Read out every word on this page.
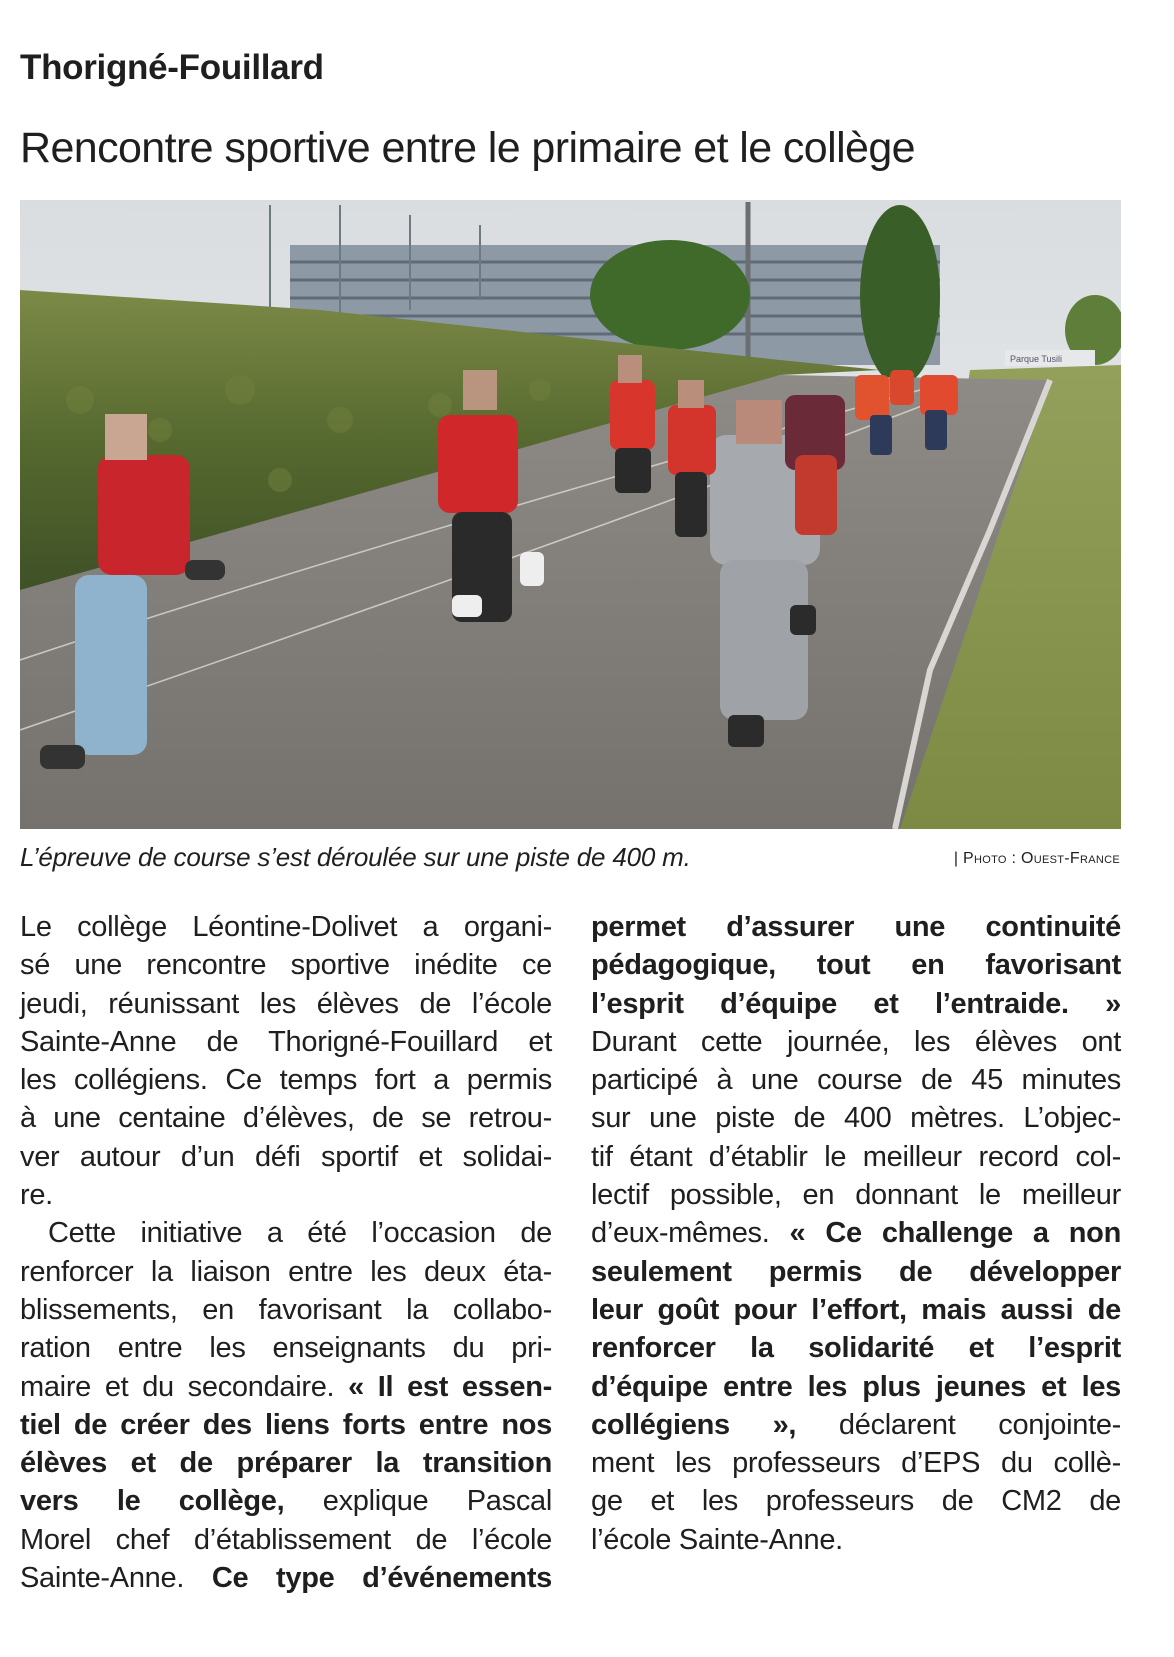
Thorigné-Fouillard
Rencontre sportive entre le primaire et le collège
Parque Tusili
L’épreuve de course s’est déroulée sur une piste de 400 m.	| Photo : Ouest-France

Le collège Léontine-Dolivet a organi-

sé une rencontre sportive inédite ce

jeudi, réunissant les élèves de l’école

Sainte-Anne de Thorigné-Fouillard et

les collégiens. Ce temps fort a permis

à une centaine d’élèves, de se retrou-

ver autour d’un défi sportif et solidai-

re.

Cette initiative a été l’occasion de

renforcer la liaison entre les deux éta-

blissements, en favorisant la collabo-

ration entre les enseignants du pri-

maire et du secondaire. « Il est essen-

tiel de créer des liens forts entre nos

élèves et de préparer la transition

vers le collège, explique Pascal

Morel chef d’établissement de l’école

Sainte-Anne. Ce type d’événements

permet d’assurer une continuité

pédagogique, tout en favorisant

l’esprit d’équipe et l’entraide. »

Durant cette journée, les élèves ont

participé à une course de 45 minutes

sur une piste de 400 mètres. L’objec-

tif étant d’établir le meilleur record col-

lectif possible, en donnant le meilleur

d’eux-mêmes. « Ce challenge a non

seulement permis de développer

leur goût pour l’effort, mais aussi de

renforcer la solidarité et l’esprit

d’équipe entre les plus jeunes et les

collégiens », déclarent conjointe-

ment les professeurs d’EPS du collè-

ge et les professeurs de CM2 de

l’école Sainte-Anne.
